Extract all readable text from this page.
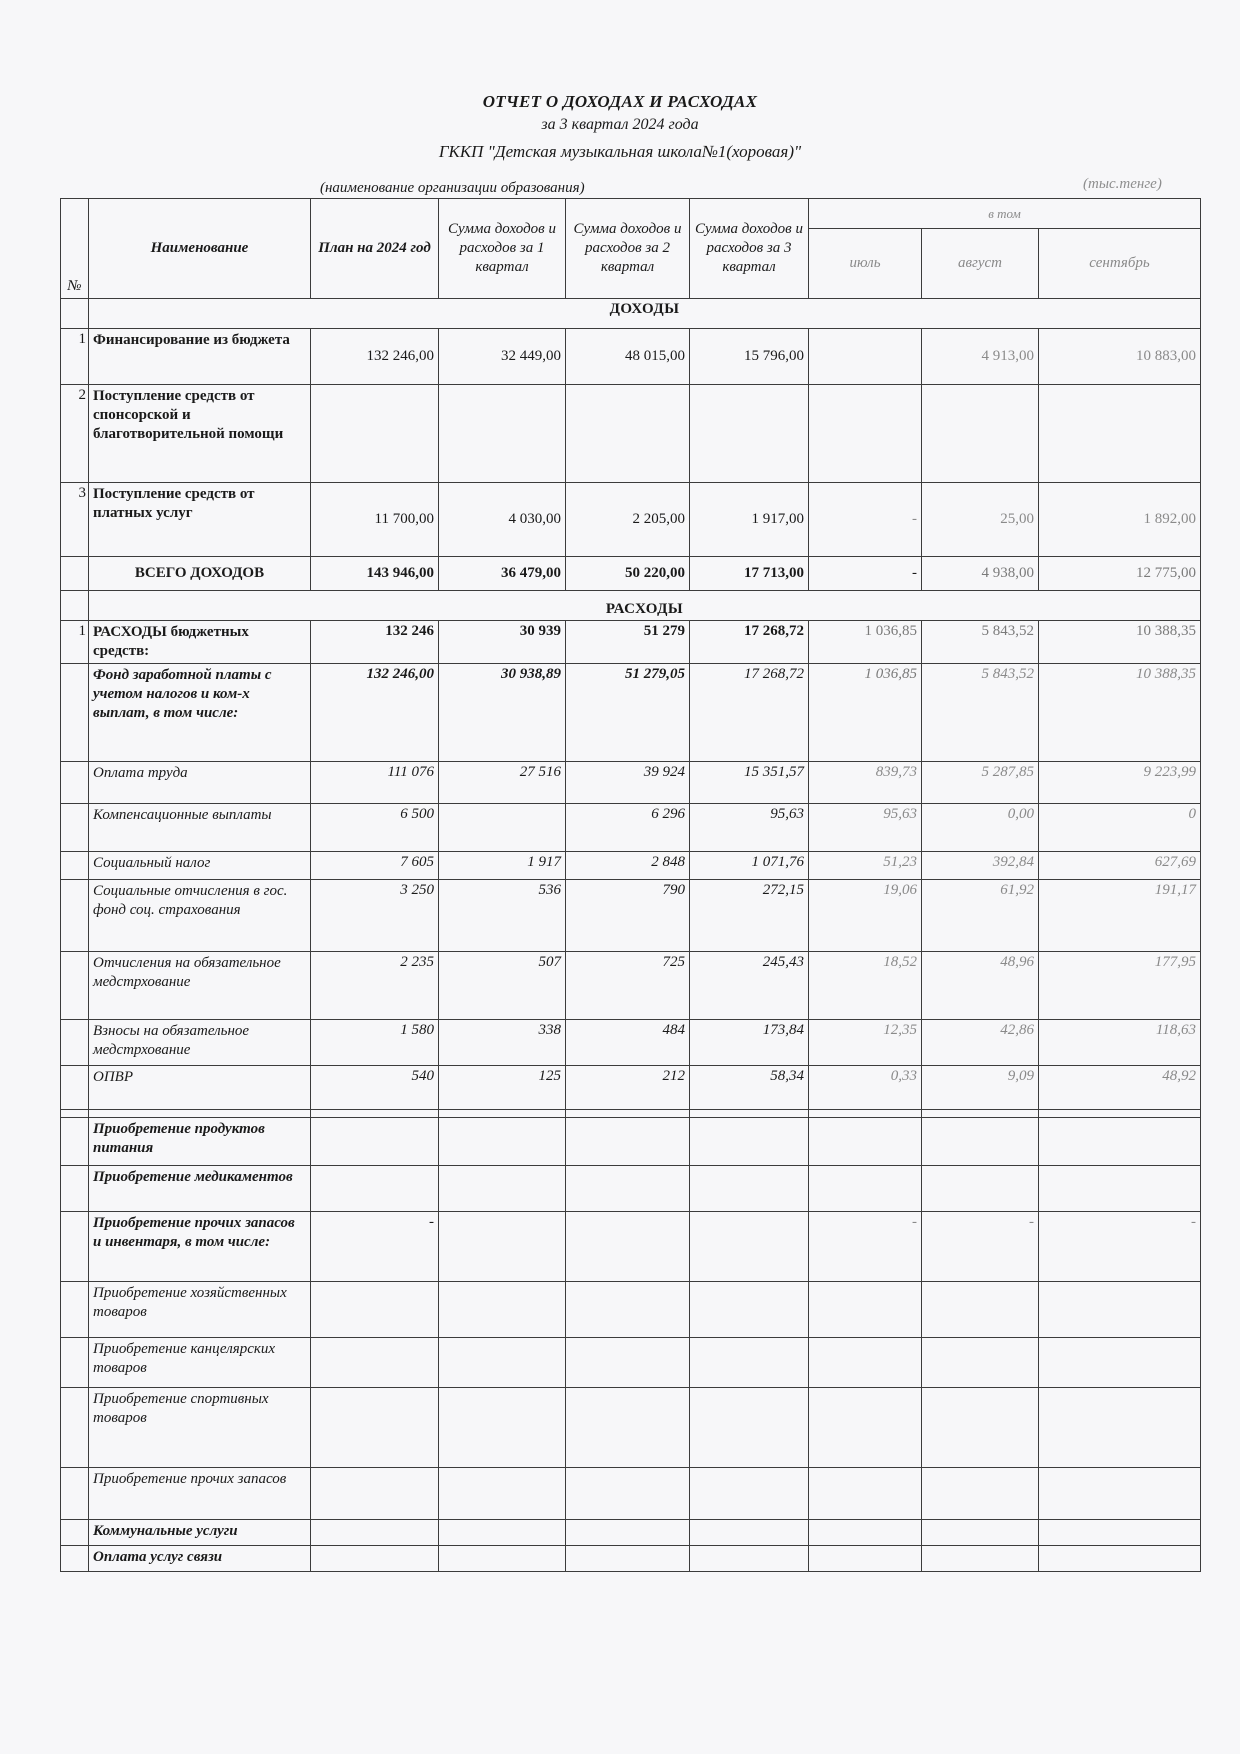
ОТЧЕТ О ДОХОДАХ И РАСХОДАХ
за 3 квартал 2024 года
ГККП "Детская музыкальная школа№1(хоровая)"
(наименование организации образования)	(тыс.тенге)
№	Наименование	План на 2024 год	Сумма доходов и расходов за 1 квартал	Сумма доходов и расходов за 2 квартал	Сумма доходов и расходов за 3 квартал	в том		
						июль	август	сентябрь
	ДОХОДЫ							
1	Финансирование из бюджета	132 246,00	32 449,00	48 015,00	15 796,00		4 913,00	10 883,00
2	Поступление средств от спонсорской и благотворительной помощи							
3	Поступление средств от платных услуг	11 700,00	4 030,00	2 205,00	1 917,00	-	25,00	1 892,00
	ВСЕГО ДОХОДОВ	143 946,00	36 479,00	50 220,00	17 713,00	-	4 938,00	12 775,00
	РАСХОДЫ							
1	РАСХОДЫ бюджетных средств:	132 246	30 939	51 279	17 268,72	1 036,85	5 843,52	10 388,35
	Фонд заработной платы с учетом налогов и ком-х выплат, в том числе:	132 246,00	30 938,89	51 279,05	17 268,72	1 036,85	5 843,52	10 388,35
	Оплата труда	111 076	27 516	39 924	15 351,57	839,73	5 287,85	9 223,99
	Компенсационные выплаты	6 500		6 296	95,63	95,63	0,00	0
	Социальный налог	7 605	1 917	2 848	1 071,76	51,23	392,84	627,69
	Социальные отчисления в гос. фонд соц. страхования	3 250	536	790	272,15	19,06	61,92	191,17
	Отчисления на обязательное медстрхование	2 235	507	725	245,43	18,52	48,96	177,95
	Взносы на обязательное медстрхование	1 580	338	484	173,84	12,35	42,86	118,63
	ОПВР	540	125	212	58,34	0,33	9,09	48,92

	Приобретение продуктов питания							
	Приобретение медикаментов							
	Приобретение прочих запасов и инвентаря, в том числе:	-				-	-	-
	Приобретение хозяйственных товаров							
	Приобретение канцелярских товаров							
	Приобретение спортивных товаров							
	Приобретение прочих запасов							
	Коммунальные услуги							
	Оплата услуг связи							
